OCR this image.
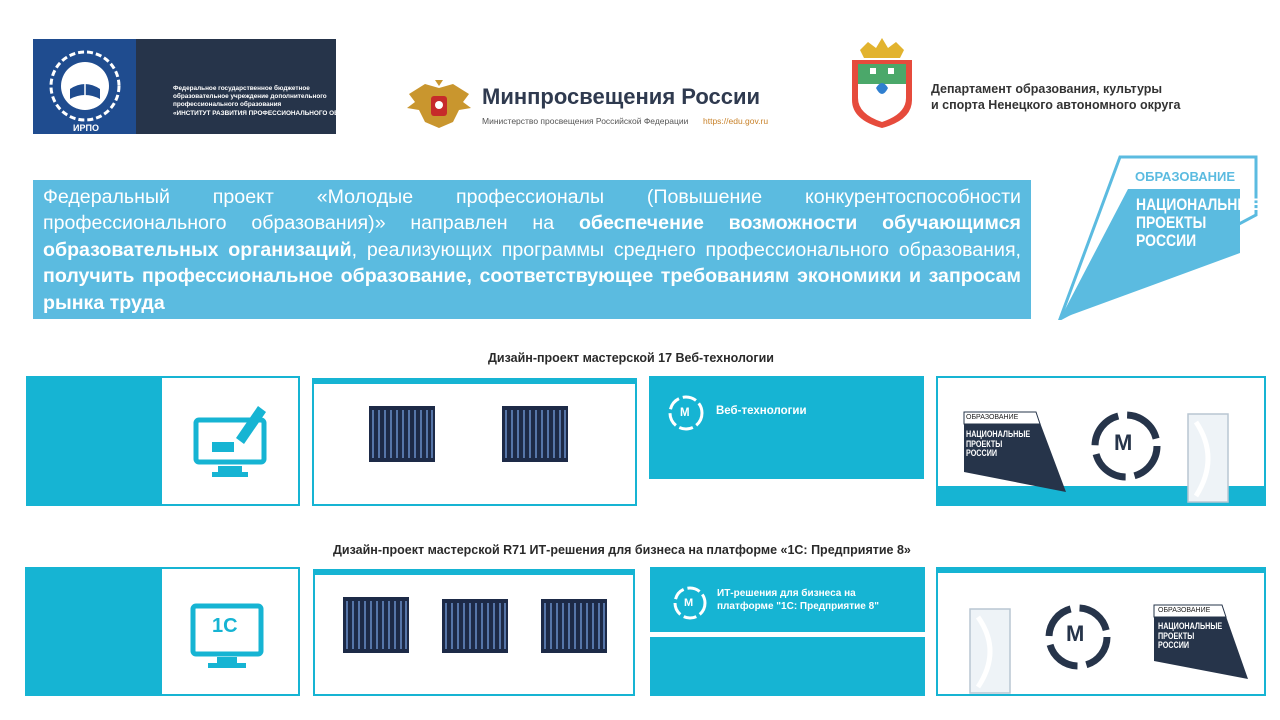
ИРПО
Федеральное государственное бюджетное
образовательное учреждение дополнительного
профессионального образования
«ИНСТИТУТ РАЗВИТИЯ ПРОФЕССИОНАЛЬНОГО ОБРАЗОВАНИЯ»
Минпросвещения России
Министерство просвещения Российской Федерации https://edu.gov.ru
Департамент образования, культуры
и спорта Ненецкого автономного округа
Федеральный проект «Молодые профессионалы (Повышение конкурентоспособности профессионального образования)» направлен на обеспечение возможности обучающимся образовательных организаций, реализующих программы среднего профессионального образования, получить профессиональное образование, соответствующее требованиям экономики и запросам рынка труда
ОБРАЗОВАНИЕ
НАЦИОНАЛЬНЫЕ
ПРОЕКТЫ
РОССИИ
Дизайн-проект мастерской 17 Веб-технологии
М Веб-технологии
ОБРАЗОВАНИЕ
НАЦИОНАЛЬНЫЕ
ПРОЕКТЫ
РОССИИ	М
Дизайн-проект мастерской R71 ИТ-решения для бизнеса на платформе «1С: Предприятие 8»
1C
М
ИТ-решения для бизнеса на
платформе "1С: Предприятие 8"
М
ОБРАЗОВАНИЕ
НАЦИОНАЛЬНЫЕ
ПРОЕКТЫ
РОССИИ
